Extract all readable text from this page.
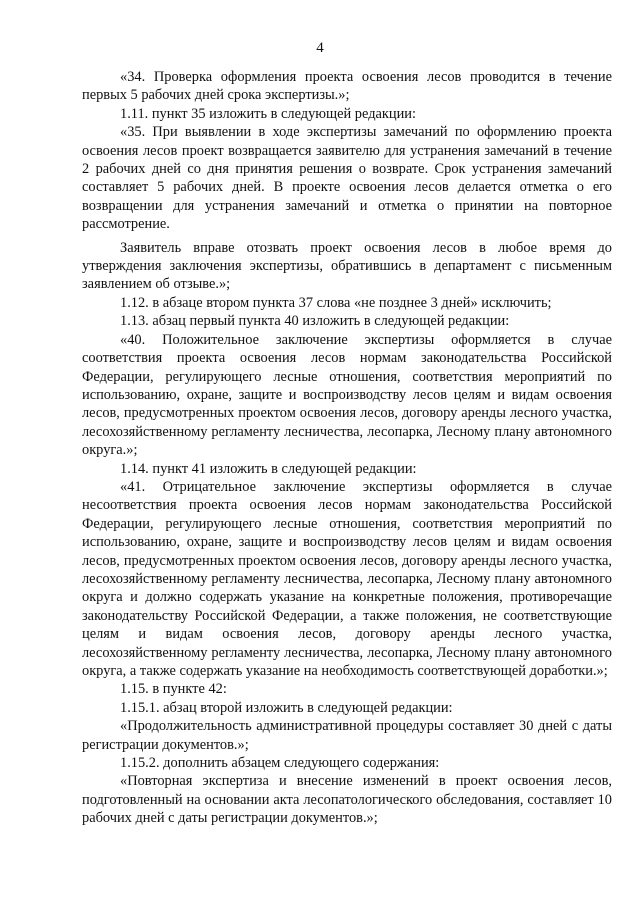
4

«34. Проверка оформления проекта освоения лесов проводится в течение первых 5 рабочих дней срока экспертизы.»;

1.11. пункт 35 изложить в следующей редакции:

«35. При выявлении в ходе экспертизы замечаний по оформлению проекта освоения лесов проект возвращается заявителю для устранения замечаний в течение 2 рабочих дней со дня принятия решения о возврате. Срок устранения замечаний составляет 5 рабочих дней. В проекте освоения лесов делается отметка о его возвращении для устранения замечаний и отметка о принятии на повторное рассмотрение.

Заявитель вправе отозвать проект освоения лесов в любое время до утверждения заключения экспертизы, обратившись в департамент с письменным заявлением об отзыве.»;

1.12. в абзаце втором пункта 37 слова «не позднее 3 дней» исключить;

1.13. абзац первый пункта 40 изложить в следующей редакции:

«40. Положительное заключение экспертизы оформляется в случае соответствия проекта освоения лесов нормам законодательства Российской Федерации, регулирующего лесные отношения, соответствия мероприятий по использованию, охране, защите и воспроизводству лесов целям и видам освоения лесов, предусмотренных проектом освоения лесов, договору аренды лесного участка, лесохозяйственному регламенту лесничества, лесопарка, Лесному плану автономного округа.»;

1.14. пункт 41 изложить в следующей редакции:

«41. Отрицательное заключение экспертизы оформляется в случае несоответствия проекта освоения лесов нормам законодательства Российской Федерации, регулирующего лесные отношения, соответствия мероприятий по использованию, охране, защите и воспроизводству лесов целям и видам освоения лесов, предусмотренных проектом освоения лесов, договору аренды лесного участка, лесохозяйственному регламенту лесничества, лесопарка, Лесному плану автономного округа и должно содержать указание на конкретные положения, противоречащие законодательству Российской Федерации, а также положения, не соответствующие целям и видам освоения лесов, договору аренды лесного участка, лесохозяйственному регламенту лесничества, лесопарка, Лесному плану автономного округа, а также содержать указание на необходимость соответствующей доработки.»;

1.15. в пункте 42:

1.15.1. абзац второй изложить в следующей редакции:

«Продолжительность административной процедуры составляет 30 дней с даты регистрации документов.»;

1.15.2. дополнить абзацем следующего содержания:

«Повторная экспертиза и внесение изменений в проект освоения лесов, подготовленный на основании акта лесопатологического обследования, составляет 10 рабочих дней с даты регистрации документов.»;
